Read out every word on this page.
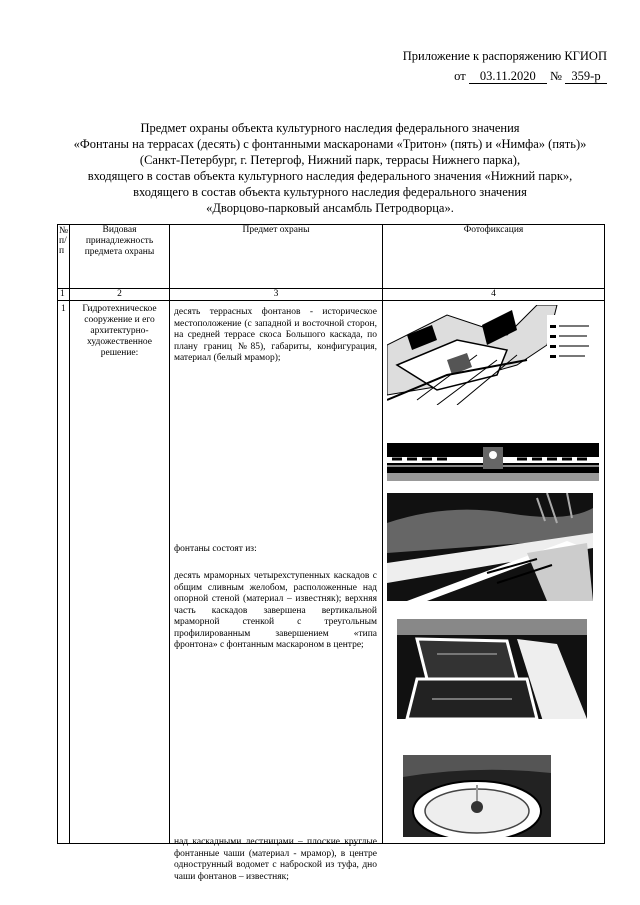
Приложение к распоряжению КГИОП
от 03.11.2020 № 359-р
Предмет охраны объекта культурного наследия федерального значения
«Фонтаны на террасах (десять) с фонтанными маскаронами «Тритон» (пять) и «Нимфа» (пять)»
(Санкт-Петербург, г. Петергоф, Нижний парк, террасы Нижнего парка),
входящего в состав объекта культурного наследия федерального значения «Нижний парк»,
входящего в состав объекта культурного наследия федерального значения
«Дворцово-парковый ансамбль Петродворца».
№ п/п	Видовая принадлежность предмета охраны	Предмет охраны	Фотофиксация
1	2	3	4
1	Гидротехническое сооружение и его архитектурно-художественное решение:	десять террасных фонтанов - историческое местоположение (с западной и восточной сторон, на средней террасе скоса Большого каскада, по плану границ №85), габариты, конфигурация, материал (белый мрамор);
фонтаны состоят из:
десять мраморных четырехступенных каскадов с общим сливным желобом, расположенные над опорной стеной (материал – известняк); верхняя часть каскадов завершена вертикальной мраморной стенкой с треугольным профилированным завершением «типа фронтона» с фонтанным маскароном в центре;
над каскадными лестницами – плоские круглые фонтанные чаши (материал - мрамор), в центре однострунный водомет с наброской из туфа, дно чаши фонтанов – известняк;
